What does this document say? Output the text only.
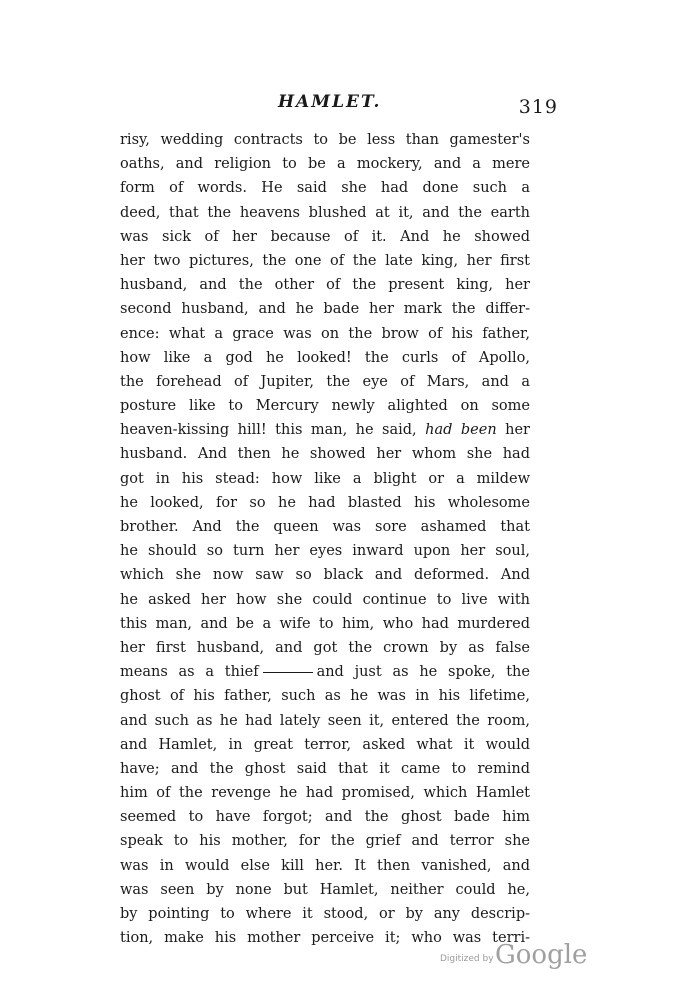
HAMLET.	319
risy, wedding contracts to be less than gamester's
oaths, and religion to be a mockery, and a mere
form of words. He said she had done such a
deed, that the heavens blushed at it, and the earth
was sick of her because of it. And he showed
her two pictures, the one of the late king, her first
husband, and the other of the present king, her
second husband, and he bade her mark the differ-
ence: what a grace was on the brow of his father,
how like a god he looked! the curls of Apollo,
the forehead of Jupiter, the eye of Mars, and a
posture like to Mercury newly alighted on some
heaven-kissing hill! this man, he said, had been her
husband. And then he showed her whom she had
got in his stead: how like a blight or a mildew
he looked, for so he had blasted his wholesome
brother. And the queen was sore ashamed that
he should so turn her eyes inward upon her soul,
which she now saw so black and deformed. And
he asked her how she could continue to live with
this man, and be a wife to him, who had murdered
her first husband, and got the crown by as false
means as a thief	and just as he spoke, the
ghost of his father, such as he was in his lifetime,
and such as he had lately seen it, entered the room,
and Hamlet, in great terror, asked what it would
have; and the ghost said that it came to remind
him of the revenge he had promised, which Hamlet
seemed to have forgot; and the ghost bade him
speak to his mother, for the grief and terror she
was in would else kill her. It then vanished, and
was seen by none but Hamlet, neither could he,
by pointing to where it stood, or by any descrip-
tion, make his mother perceive it; who was terri-
Digitized by Google
